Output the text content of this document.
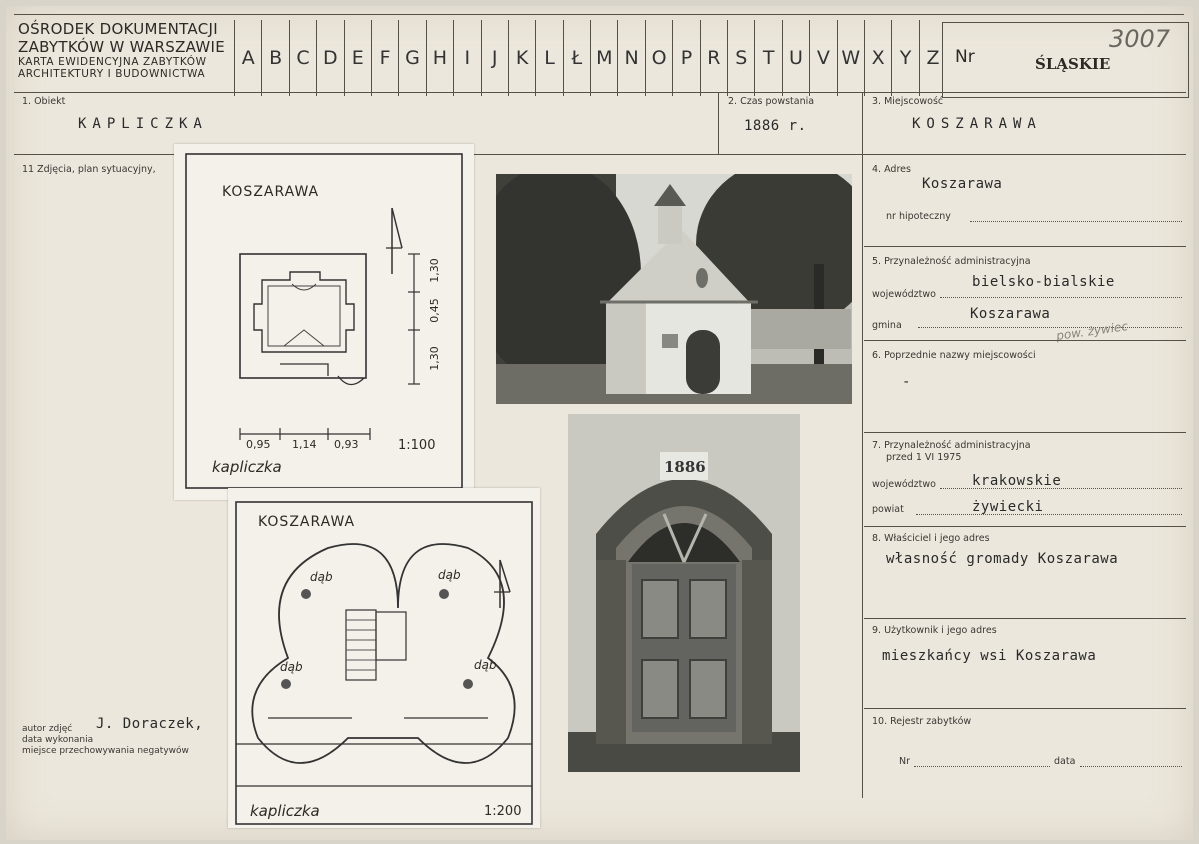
OŚRODEK DOKUMENTACJI
ZABYTKÓW W WARSZAWIE
KARTA EWIDENCYJNA ZABYTKÓW
ARCHITEKTURY I BUDOWNICTWA
A B C D E F G H I	J K L Ł M N O P R S T U V W X Y Z Nr	ŚLĄSKIE
3007
1. Obiekt
KAPLICZKA
2. Czas powstania
1886 r.
3. Miejscowość
KOSZARAWA
4. Adres
Koszarawa
nr hipoteczny
5. Przynależność administracyjna
województwo
bielsko-bialskie
gmina
Koszarawa
pow. żywiec
6. Poprzednie nazwy miejscowości
-
7. Przynależność administracyjna
przed 1 VI 1975
województwo	krakowskie
powiat	żywiecki
8. Właściciel i jego adres
własność gromady Koszarawa
9. Użytkownik i jego adres
mieszkańcy wsi Koszarawa
10. Rejestr zabytków
Nr	data
11 Zdjęcia, plan sytuacyjny,
autor zdjęć
data wykonania
miejsce przechowywania negatywów
J. Doraczek,
KOSZARAWA
1,30
0,45
1,30
0,95 1,14 0,93	1:100
kapliczka	1886
KOSZARAWA
dąb	dąb
dąb	dąb
kapliczka	1:200
